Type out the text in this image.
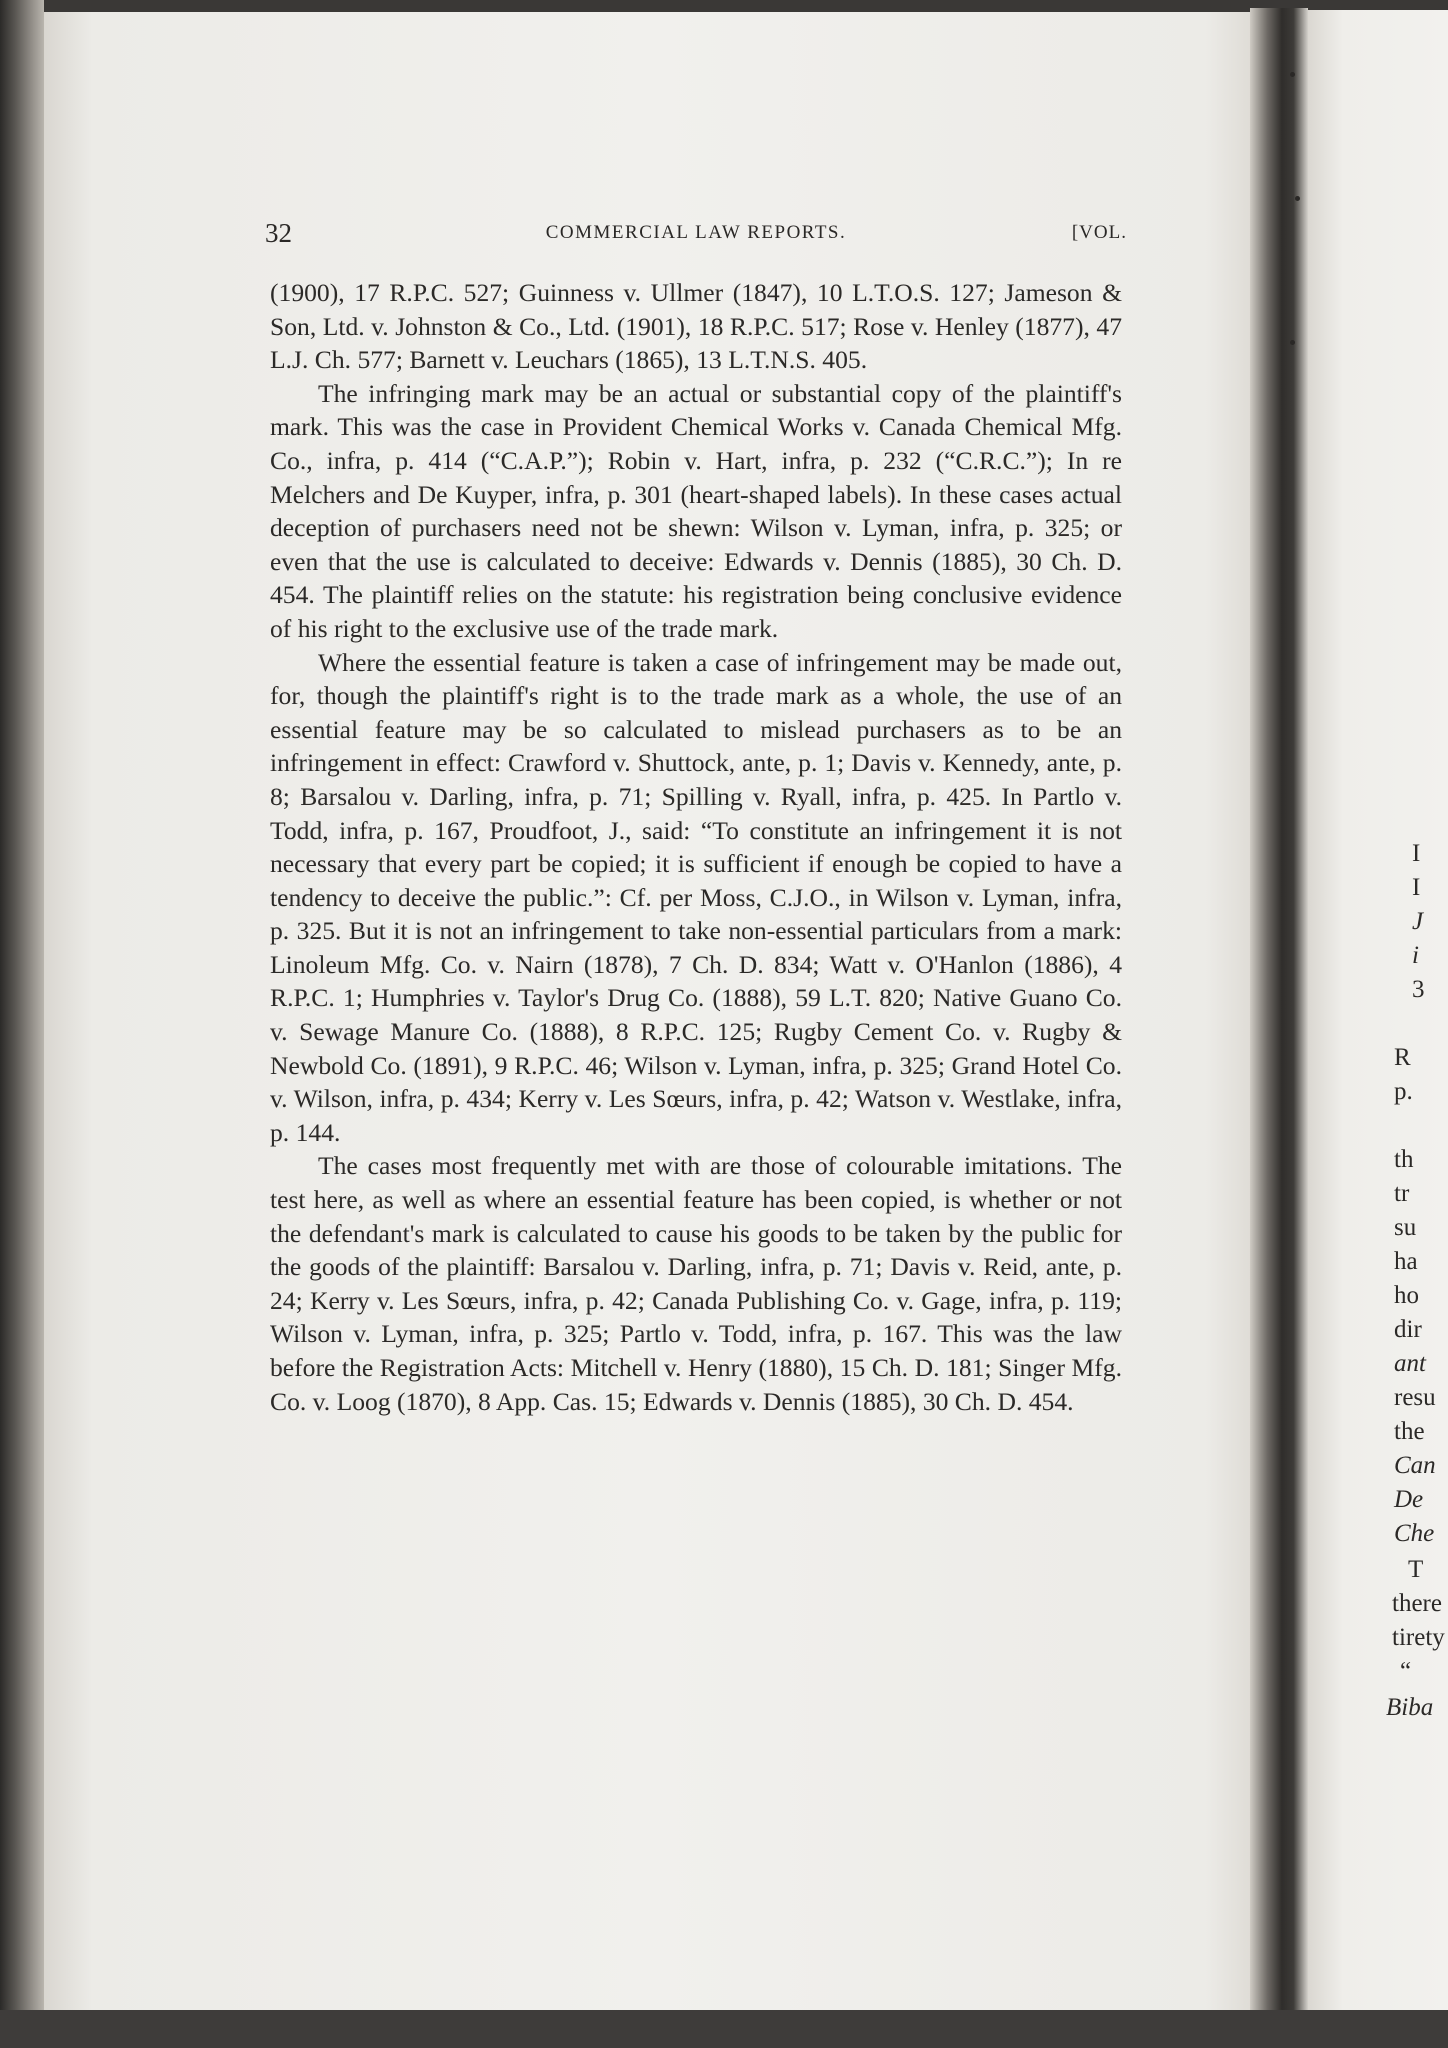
32	COMMERCIAL LAW REPORTS.	[VOL.

(1900), 17 R.P.C. 527; Guinness v. Ullmer (1847), 10 L.T.O.S. 127; Jameson & Son, Ltd. v. Johnston & Co., Ltd. (1901), 18 R.P.C. 517; Rose v. Henley (1877), 47 L.J. Ch. 577; Barnett v. Leuchars (1865), 13 L.T.N.S. 405.

The infringing mark may be an actual or substantial copy of the plaintiff's mark. This was the case in Provident Chemical Works v. Canada Chemical Mfg. Co., infra, p. 414 (“C.A.P.”); Robin v. Hart, infra, p. 232 (“C.R.C.”); In re Melchers and De Kuyper, infra, p. 301 (heart-shaped labels). In these cases actual deception of purchasers need not be shewn: Wilson v. Lyman, infra, p. 325; or even that the use is calculated to deceive: Edwards v. Dennis (1885), 30 Ch. D. 454. The plaintiff relies on the statute: his registration being conclusive evidence of his right to the exclusive use of the trade mark.

Where the essential feature is taken a case of infringement may be made out, for, though the plaintiff's right is to the trade mark as a whole, the use of an essential feature may be so calculated to mislead purchasers as to be an infringement in effect: Crawford v. Shuttock, ante, p. 1; Davis v. Kennedy, ante, p. 8; Barsalou v. Darling, infra, p. 71; Spilling v. Ryall, infra, p. 425. In Partlo v. Todd, infra, p. 167, Proudfoot, J., said: “To constitute an infringement it is not necessary that every part be copied; it is sufficient if enough be copied to have a tendency to deceive the public.”: Cf. per Moss, C.J.O., in Wilson v. Lyman, infra, p. 325. But it is not an infringement to take non-essential particulars from a mark: Linoleum Mfg. Co. v. Nairn (1878), 7 Ch. D. 834; Watt v. O'Hanlon (1886), 4 R.P.C. 1; Humphries v. Taylor's Drug Co. (1888), 59 L.T. 820; Native Guano Co. v. Sewage Manure Co. (1888), 8 R.P.C. 125; Rugby Cement Co. v. Rugby & Newbold Co. (1891), 9 R.P.C. 46; Wilson v. Lyman, infra, p. 325; Grand Hotel Co. v. Wilson, infra, p. 434; Kerry v. Les Sœurs, infra, p. 42; Watson v. Westlake, infra, p. 144.

The cases most frequently met with are those of colourable imitations. The test here, as well as where an essential feature has been copied, is whether or not the defendant's mark is calculated to cause his goods to be taken by the public for the goods of the plaintiff: Barsalou v. Darling, infra, p. 71; Davis v. Reid, ante, p. 24; Kerry v. Les Sœurs, infra, p. 42; Canada Publishing Co. v. Gage, infra, p. 119; Wilson v. Lyman, infra, p. 325; Partlo v. Todd, infra, p. 167. This was the law before the Registration Acts: Mitchell v. Henry (1880), 15 Ch. D. 181; Singer Mfg. Co. v. Loog (1870), 8 App. Cas. 15; Edwards v. Dennis (1885), 30 Ch. D. 454.

I
I
J
i
3
R
p.
th
tr
su
ha
ho
dir
ant
resu
the
Can
De
Che
T
there
tirety
“
Biba
